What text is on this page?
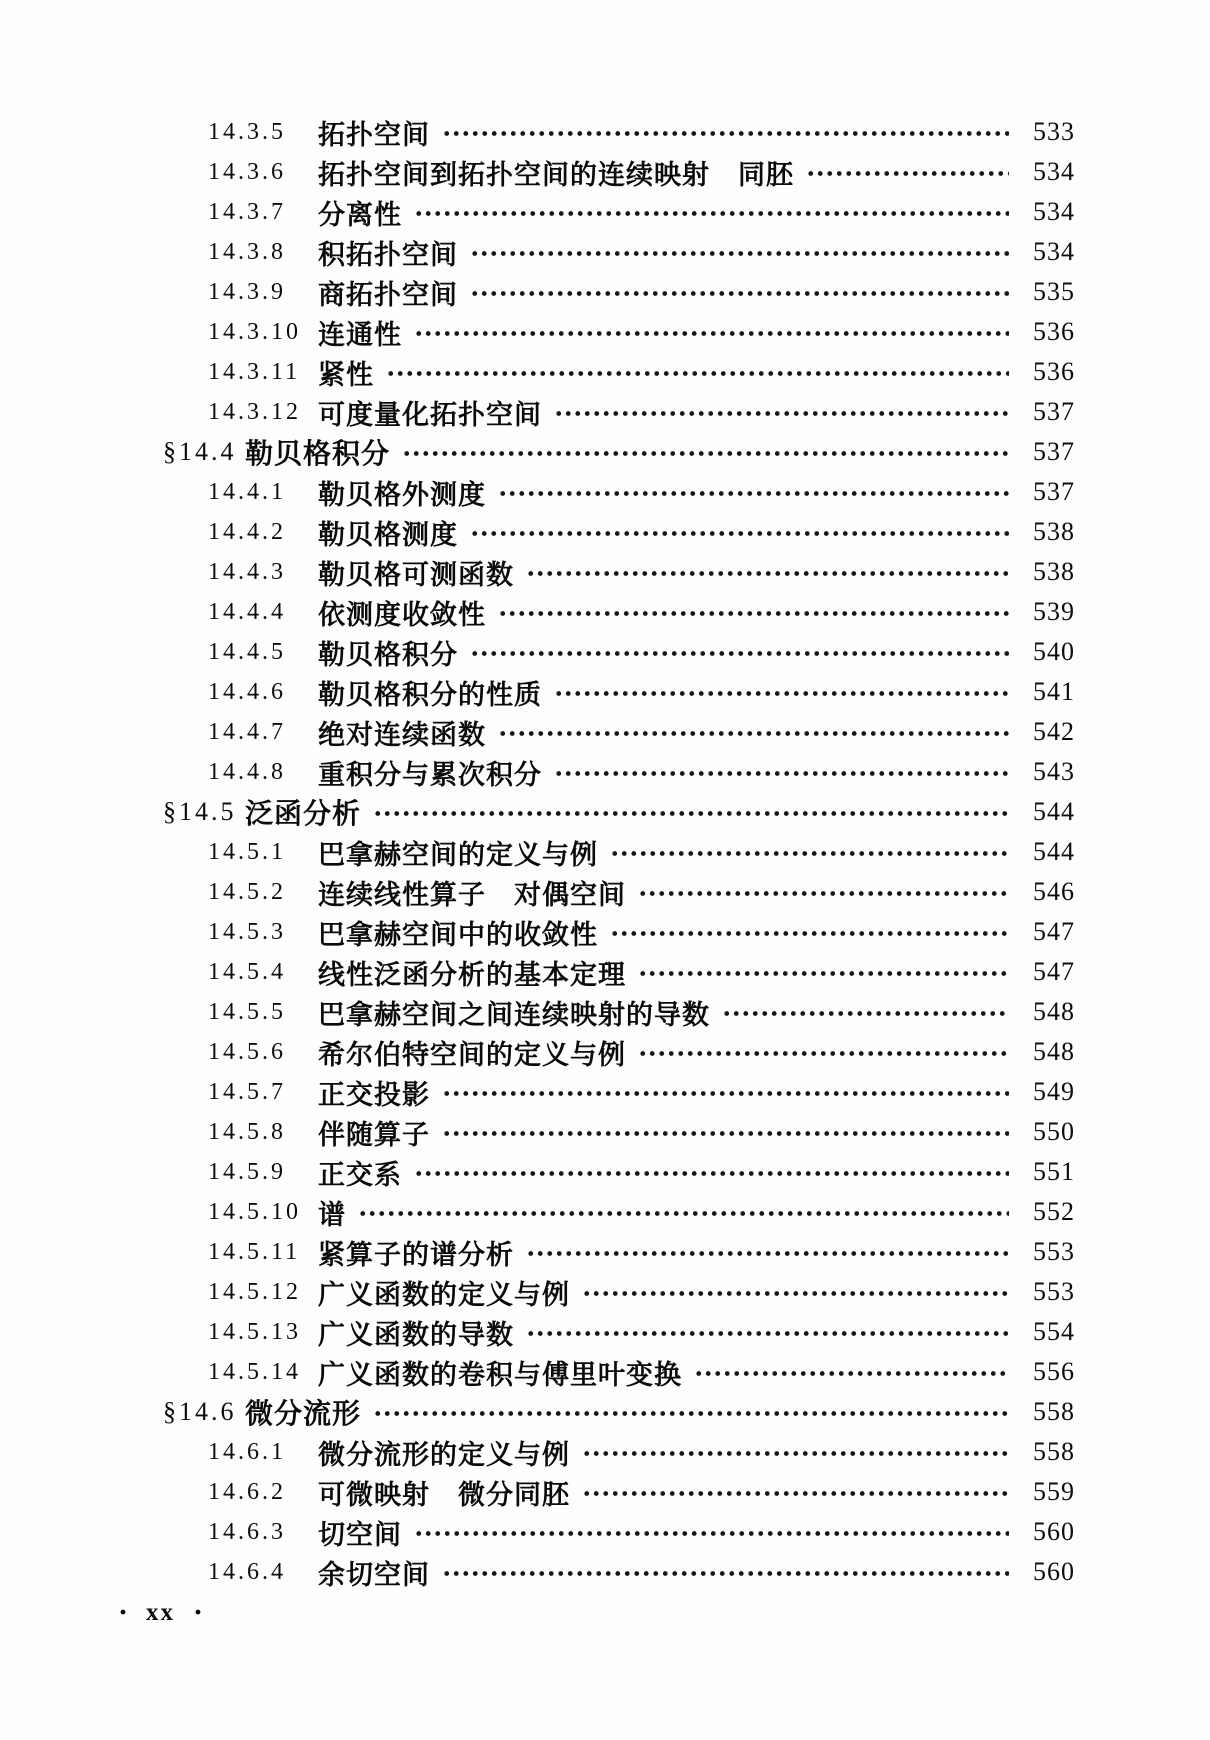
14.3.5	拓扑空间	533
14.3.6	拓扑空间到拓扑空间的连续映射　同胚	534
14.3.7	分离性	534
14.3.8	积拓扑空间	534
14.3.9	商拓扑空间	535
14.3.10 连通性	536
14.3.11 紧性	536
14.3.12 可度量化拓扑空间	537
§14.4 勒贝格积分	537
14.4.1	勒贝格外测度	537
14.4.2	勒贝格测度	538
14.4.3	勒贝格可测函数	538
14.4.4	依测度收敛性	539
14.4.5	勒贝格积分	540
14.4.6	勒贝格积分的性质	541
14.4.7	绝对连续函数	542
14.4.8	重积分与累次积分	543
§14.5 泛函分析	544
14.5.1	巴拿赫空间的定义与例	544
14.5.2	连续线性算子　对偶空间	546
14.5.3	巴拿赫空间中的收敛性	547
14.5.4	线性泛函分析的基本定理	547
14.5.5	巴拿赫空间之间连续映射的导数	548
14.5.6	希尔伯特空间的定义与例	548
14.5.7	正交投影	549
14.5.8	伴随算子	550
14.5.9	正交系	551
14.5.10 谱	552
14.5.11 紧算子的谱分析	553
14.5.12 广义函数的定义与例	553
14.5.13 广义函数的导数	554
14.5.14 广义函数的卷积与傅里叶变换	556
§14.6 微分流形	558
14.6.1	微分流形的定义与例	558
14.6.2	可微映射　微分同胚	559
14.6.3	切空间	560
14.6.4	余切空间	560
· xx ·
